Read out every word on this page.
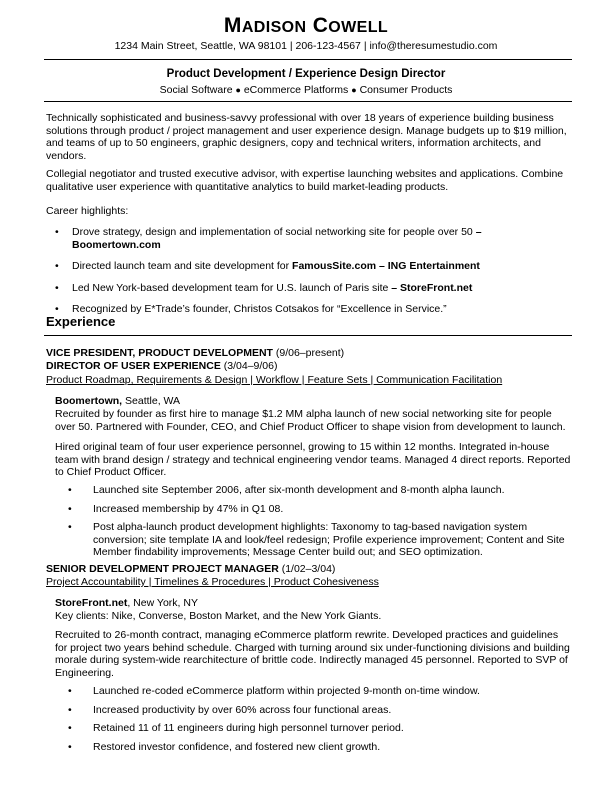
MADISON COWELL
1234 Main Street, Seattle, WA 98101 | 206-123-4567 | info@theresumestudio.com
Product Development / Experience Design Director
Social Software ● eCommerce Platforms ● Consumer Products
Technically sophisticated and business-savvy professional with over 18 years of experience building business solutions through product / project management and user experience design. Manage budgets up to $19 million, and teams of up to 50 engineers, graphic designers, copy and technical writers, information architects, and vendors.
Collegial negotiator and trusted executive advisor, with expertise launching websites and applications. Combine qualitative user experience with quantitative analytics to build market-leading products.
Career highlights:
• Drove strategy, design and implementation of social networking site for people over 50 – Boomertown.com
• Directed launch team and site development for FamousSite.com – ING Entertainment
• Led New York-based development team for U.S. launch of Paris site – StoreFront.net
• Recognized by E*Trade’s founder, Christos Cotsakos for “Excellence in Service.”
Experience
VICE PRESIDENT, PRODUCT DEVELOPMENT (9/06–present)
DIRECTOR OF USER EXPERIENCE (3/04–9/06)
Product Roadmap, Requirements & Design | Workflow | Feature Sets | Communication Facilitation
Boomertown, Seattle, WA
Recruited by founder as first hire to manage $1.2 MM alpha launch of new social networking site for people over 50. Partnered with Founder, CEO, and Chief Product Officer to shape vision from development to launch.
Hired original team of four user experience personnel, growing to 15 within 12 months. Integrated in-house team with brand design / strategy and technical engineering vendor teams. Managed 4 direct reports. Reported to Chief Product Officer.
• Launched site September 2006, after six-month development and 8-month alpha launch.
• Increased membership by 47% in Q1 08.
• Post alpha-launch product development highlights: Taxonomy to tag-based navigation system conversion; site template IA and look/feel redesign; Profile experience improvement; Content and Site Member findability improvements; Message Center build out; and SEO optimization.
SENIOR DEVELOPMENT PROJECT MANAGER (1/02–3/04)
Project Accountability | Timelines & Procedures | Product Cohesiveness
StoreFront.net, New York, NY
Key clients: Nike, Converse, Boston Market, and the New York Giants.
Recruited to 26-month contract, managing eCommerce platform rewrite. Developed practices and guidelines for project two years behind schedule. Charged with turning around six under-functioning divisions and building morale during system-wide rearchitecture of brittle code. Indirectly managed 45 personnel. Reported to SVP of Engineering.
• Launched re-coded eCommerce platform within projected 9-month on-time window.
• Increased productivity by over 60% across four functional areas.
• Retained 11 of 11 engineers during high personnel turnover period.
• Restored investor confidence, and fostered new client growth.
